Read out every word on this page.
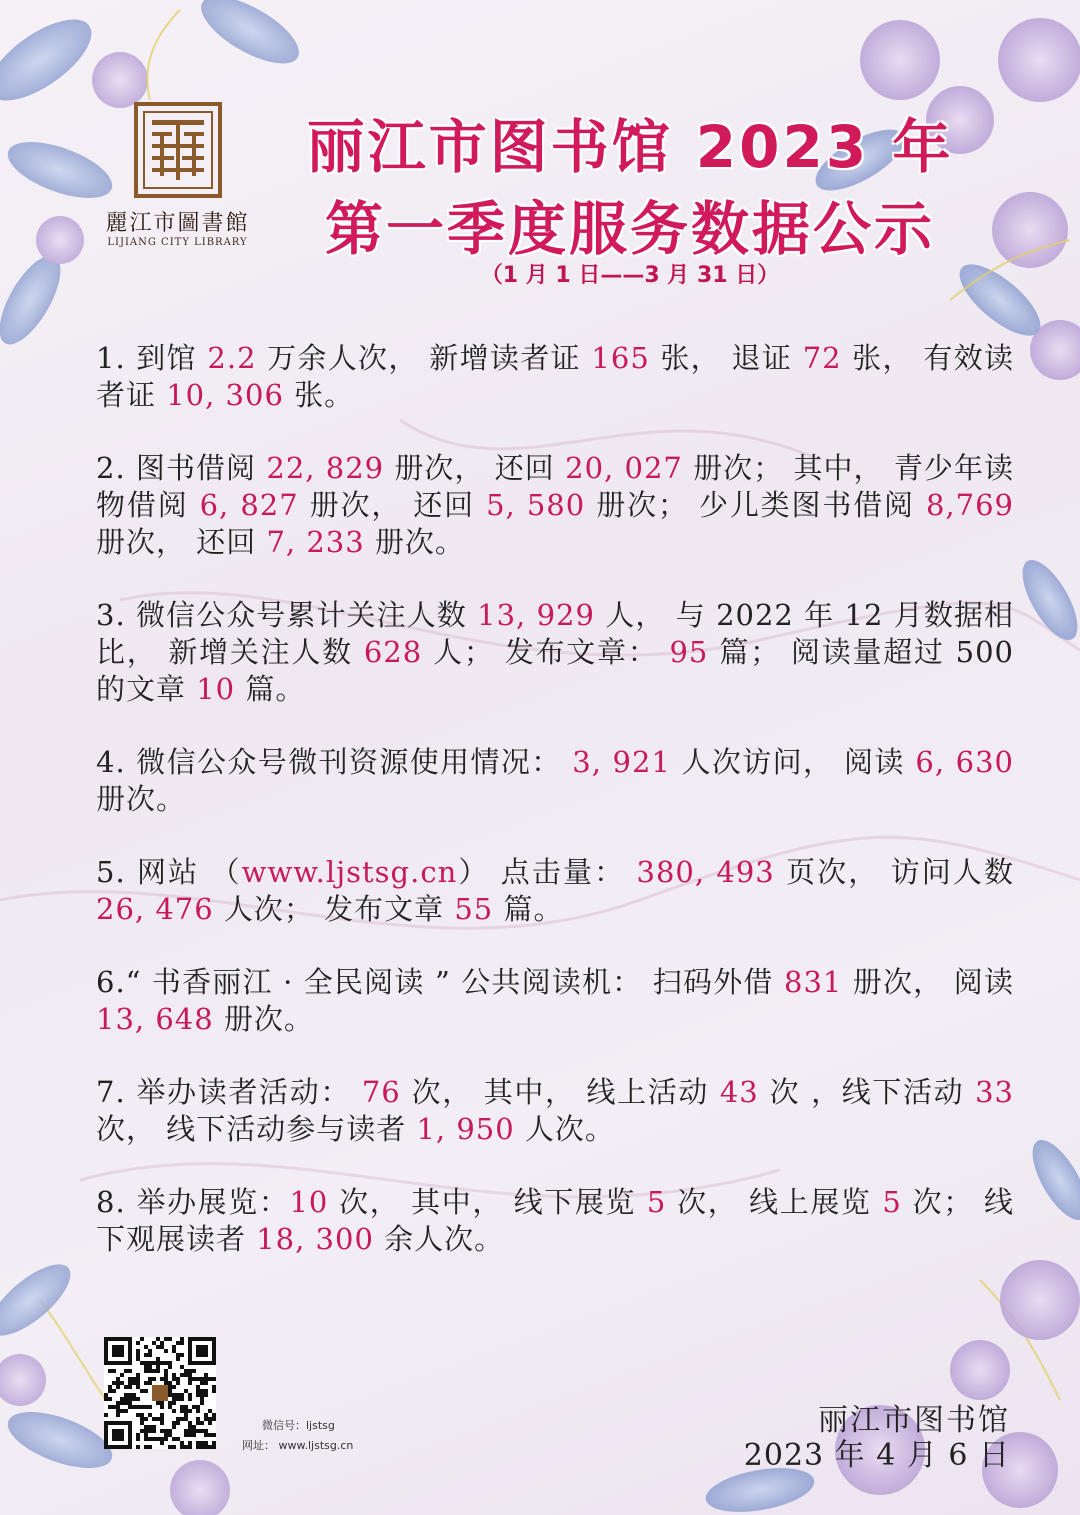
麗江市圖書館
LIJIANG CITY LIBRARY
丽江市图书馆 2023 年
第一季度服务数据公示
（1 月 1 日——3 月 31 日）

1. 到馆 2.2 万余人次， 新增读者证 165 张， 退证 72 张， 有效读者证 10, 306 张。

2. 图书借阅 22, 829 册次， 还回 20, 027 册次； 其中， 青少年读物借阅 6, 827 册次， 还回 5, 580 册次； 少儿类图书借阅 8,769 册次， 还回 7, 233 册次。

3. 微信公众号累计关注人数 13, 929 人， 与 2022 年 12 月数据相比， 新增关注人数 628 人； 发布文章： 95 篇； 阅读量超过 500 的文章 10 篇。

4. 微信公众号微刊资源使用情况： 3, 921 人次访问， 阅读 6, 630 册次。

5. 网站 （www.ljstsg.cn） 点击量： 380, 493 页次， 访问人数 26, 476 人次； 发布文章 55 篇。

6.“ 书香丽江 · 全民阅读 ” 公共阅读机： 扫码外借 831 册次， 阅读 13, 648 册次。

7. 举办读者活动： 76 次， 其中， 线上活动 43 次 ，线下活动 33 次， 线下活动参与读者 1, 950 人次。

8. 举办展览：10 次， 其中， 线下展览 5 次， 线上展览 5 次； 线下观展读者 18, 300 余人次。

微信号：ljstsg
网址： www.ljstsg.cn
丽江市图书馆
2023 年 4 月 6 日
